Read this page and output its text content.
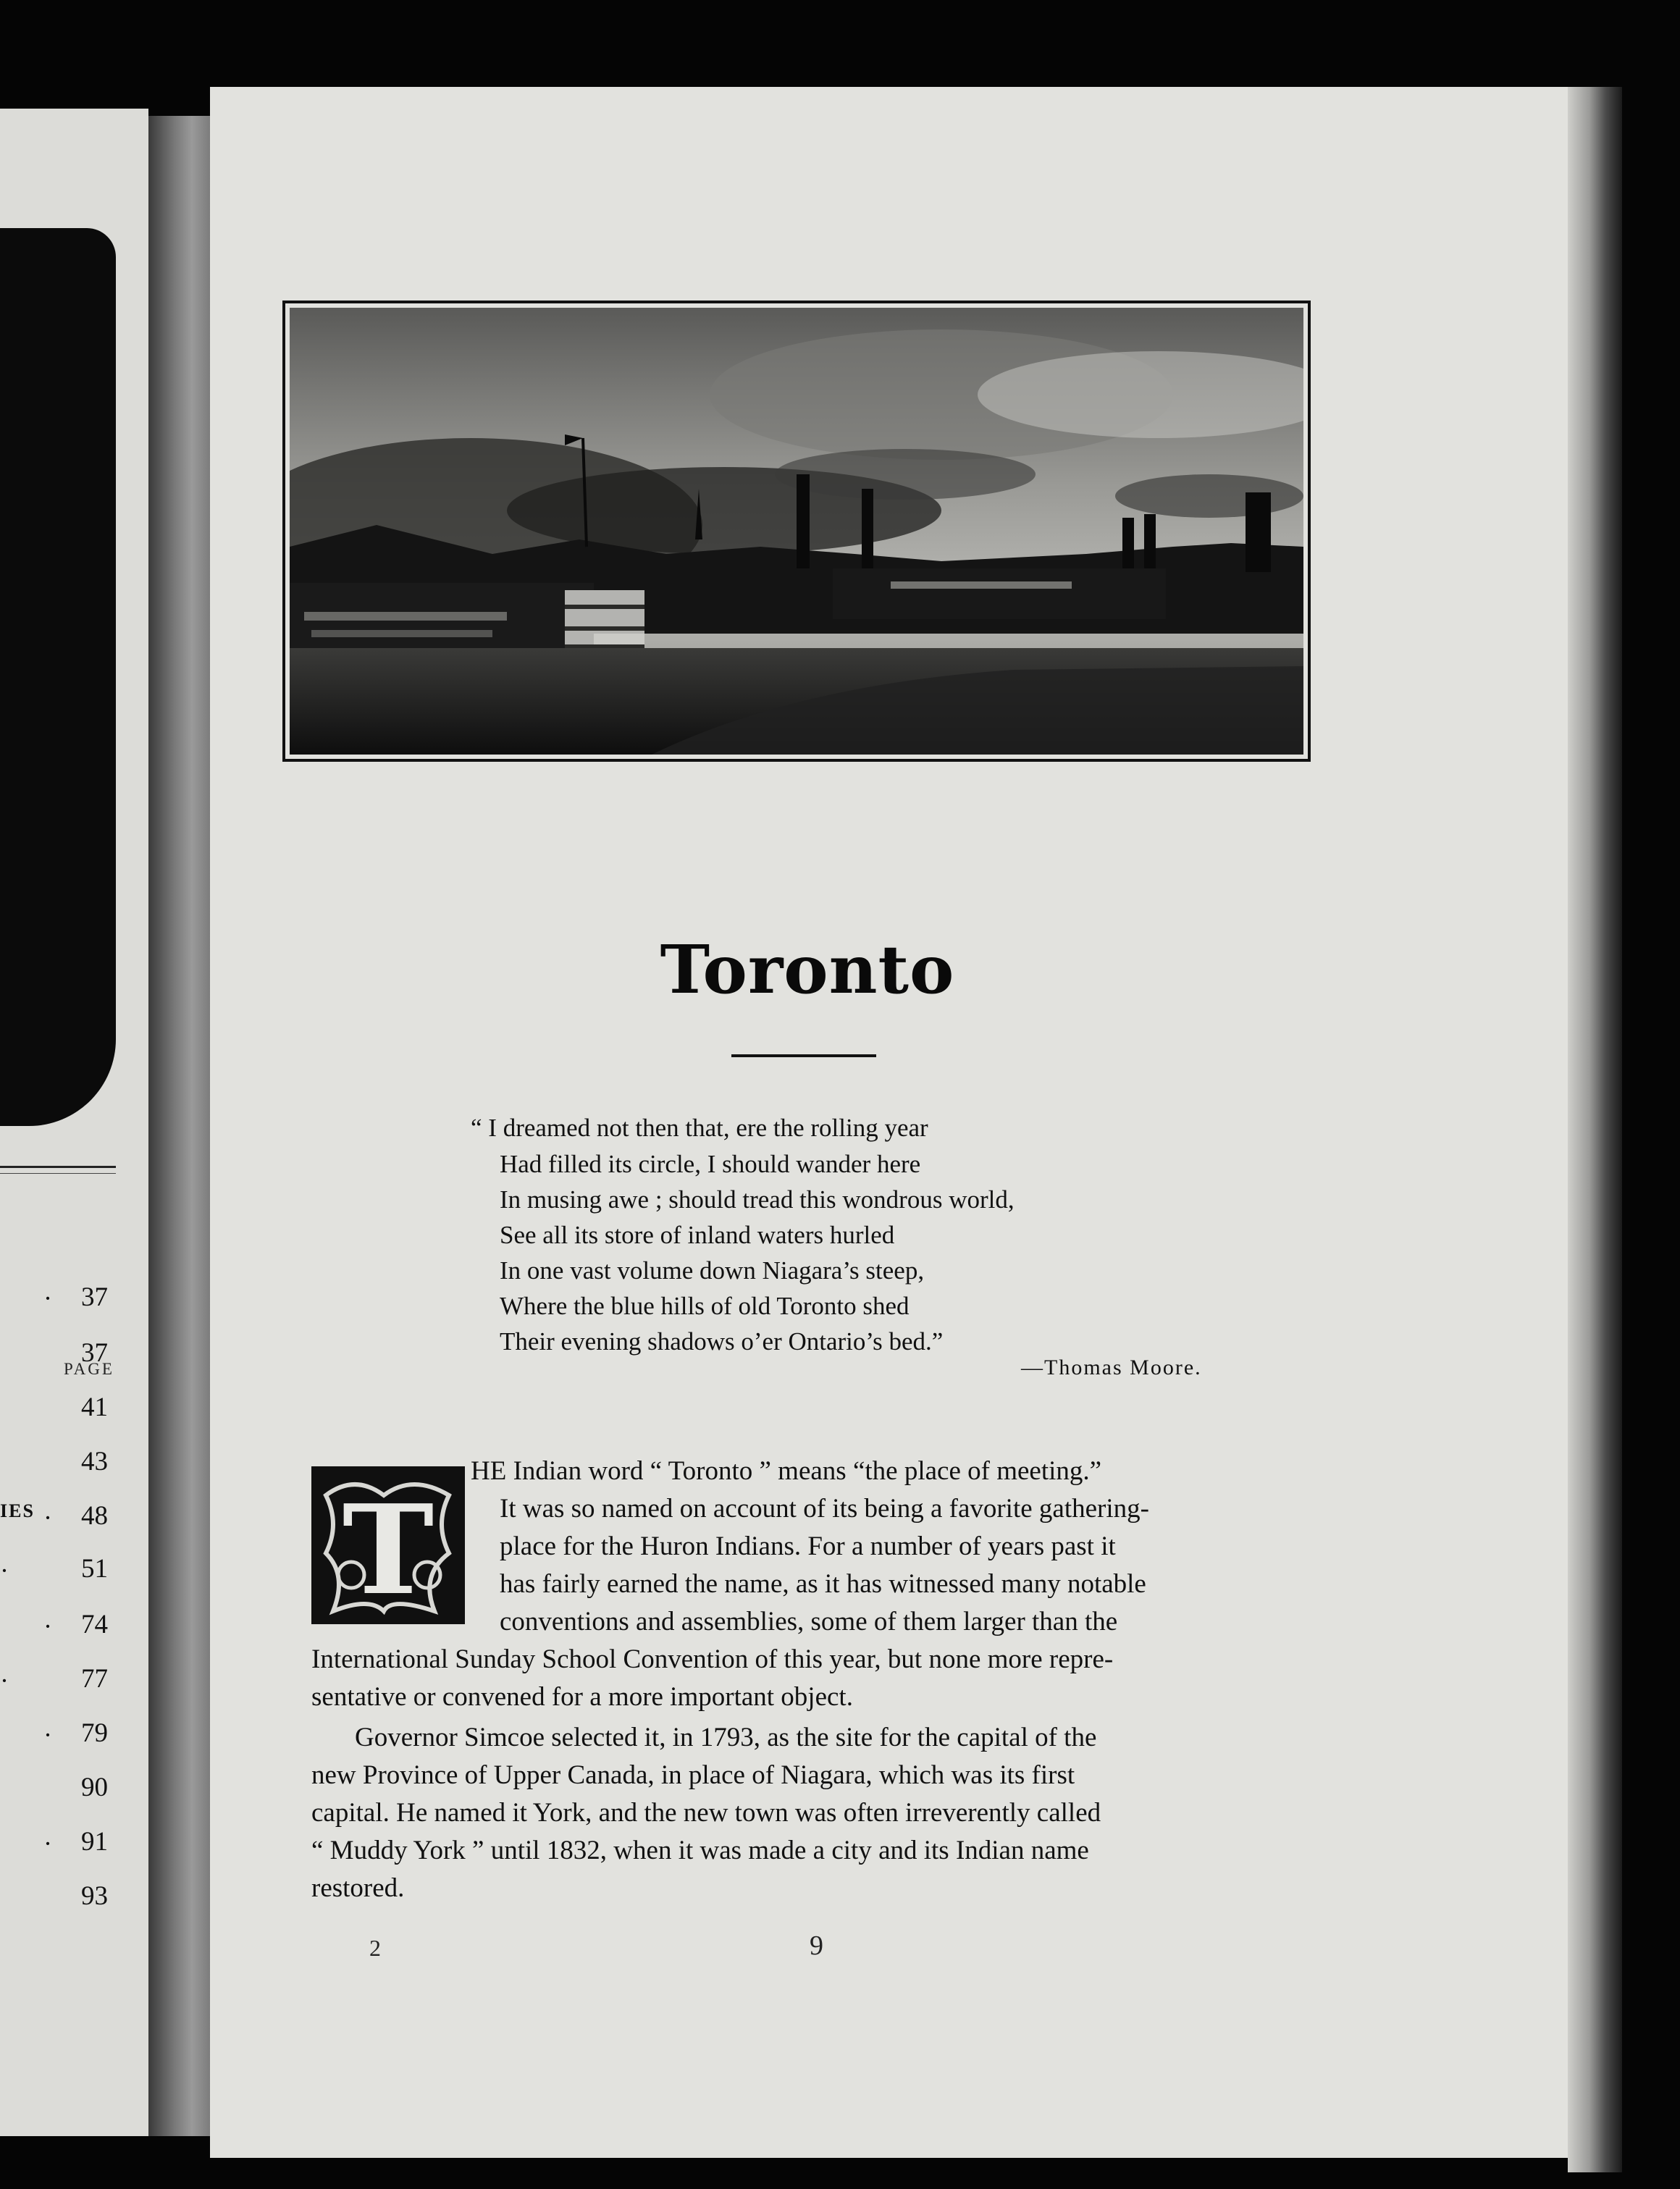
PAGE
IES
· 37
37
41
43
· 48
·	51
· 74
·	77
· 79
90
· 91
93
2
Toronto
“ I dreamed not then that, ere the rolling year
Had filled its circle, I should wander here
In musing awe ; should tread this wondrous world,
See all its store of inland waters hurled
In one vast volume down Niagara’s steep,
Where the blue hills of old Toronto shed
Their evening shadows o’er Ontario’s bed.”
—Thomas Moore.
T
HE Indian word “ Toronto ” means “the place of meeting.”
It was so named on account of its being a favorite gathering-
place for the Huron Indians. For a number of years past it
has fairly earned the name, as it has witnessed many notable
conventions and assemblies, some of them larger than the
International Sunday School Convention of this year, but none more repre-
sentative or convened for a more important object.
Governor Simcoe selected it, in 1793, as the site for the capital of the
new Province of Upper Canada, in place of Niagara, which was its first
capital. He named it York, and the new town was often irreverently called
“ Muddy York ” until 1832, when it was made a city and its Indian name
restored.
9
